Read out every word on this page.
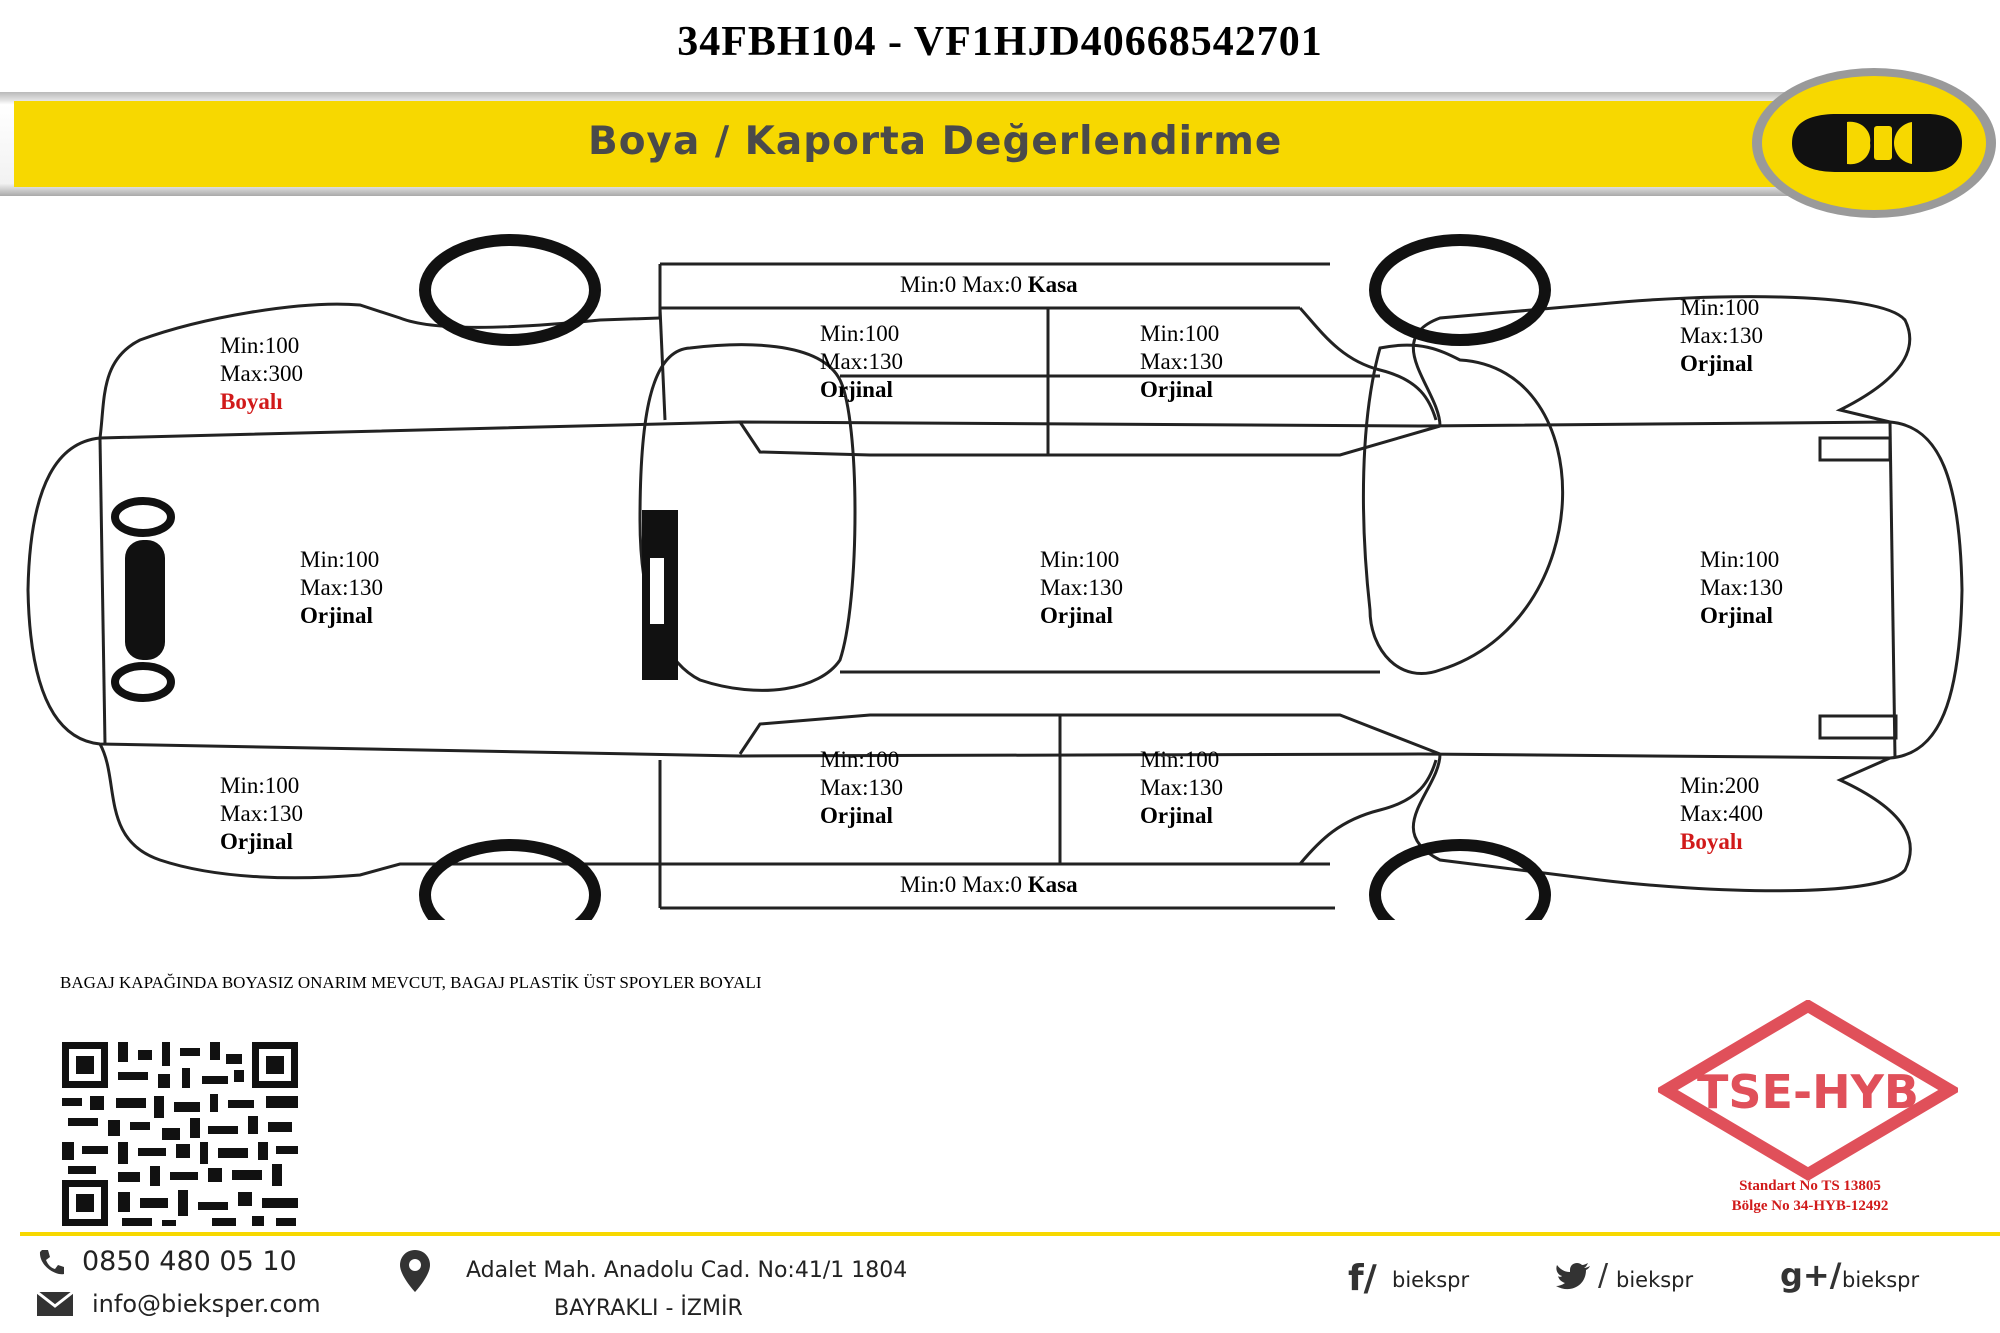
34FBH104 - VF1HJD40668542701
Boya / Kaporta Değerlendirme
Min:100
Max:300
Boyalı
Min:100
Max:130
Orjinal
Min:100
Max:130
Orjinal
Min:100
Max:130
Orjinal
Min:100
Max:130
Orjinal
Min:100
Max:130
Orjinal
Min:100
Max:130
Orjinal
Min:100
Max:130
Orjinal
Min:100
Max:130
Orjinal
Min:100
Max:130
Orjinal
Min:200
Max:400
Boyalı
Min:0 Max:0 Kasa
Min:0 Max:0 Kasa
BAGAJ KAPAĞINDA BOYASIZ ONARIM MEVCUT, BAGAJ PLASTİK ÜST SPOYLER BOYALI
TSE-HYB
Standart No TS 13805
Bölge No 34-HYB-12492
0850 480 05 10
info@bieksper.com
Adalet Mah. Anadolu Cad. No:41/1 1804
BAYRAKLI - İZMİR
f/ biekspr	/ biekspr	g+/ biekspr
